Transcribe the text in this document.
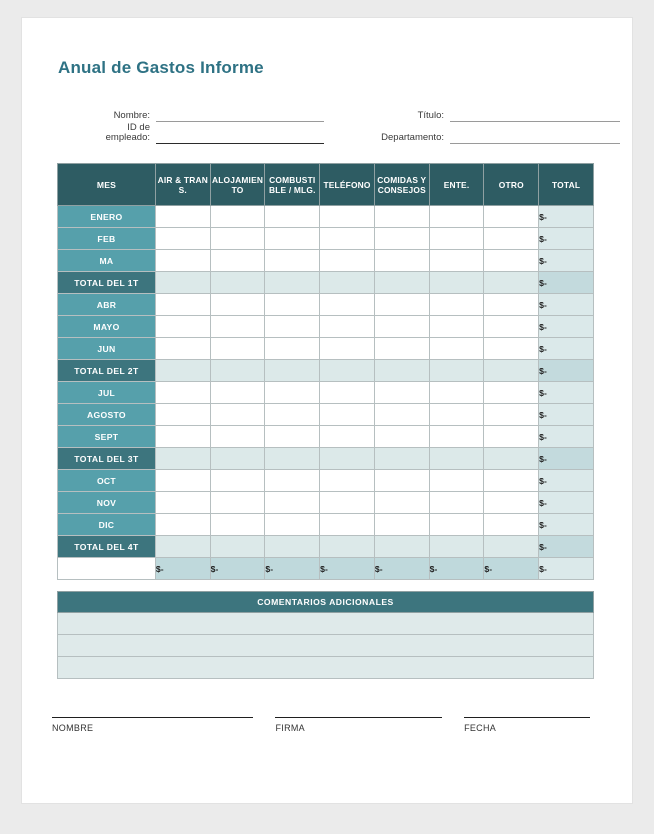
Anual de Gastos Informe
Nombre:	Título:
ID de
empleado:	Departamento:
MES	AIR & TRANS.	ALOJAMIENTO	COMBUSTIBLE / MLG.	TELÉFONO	COMIDAS Y CONSEJOS	ENTE.	OTRO	TOTAL
ENERO								$-
FEB								$-
MA								$-
TOTAL DEL 1T								$-
ABR								$-
MAYO								$-
JUN								$-
TOTAL DEL 2T								$-
JUL								$-
AGOSTO								$-
SEPT								$-
TOTAL DEL 3T								$-
OCT								$-
NOV								$-
DIC								$-
TOTAL DEL 4T								$-
	$-	$-	$-	$-	$-	$-	$-	$-
COMENTARIOS ADICIONALES

NOMBRE	FIRMA	FECHA
